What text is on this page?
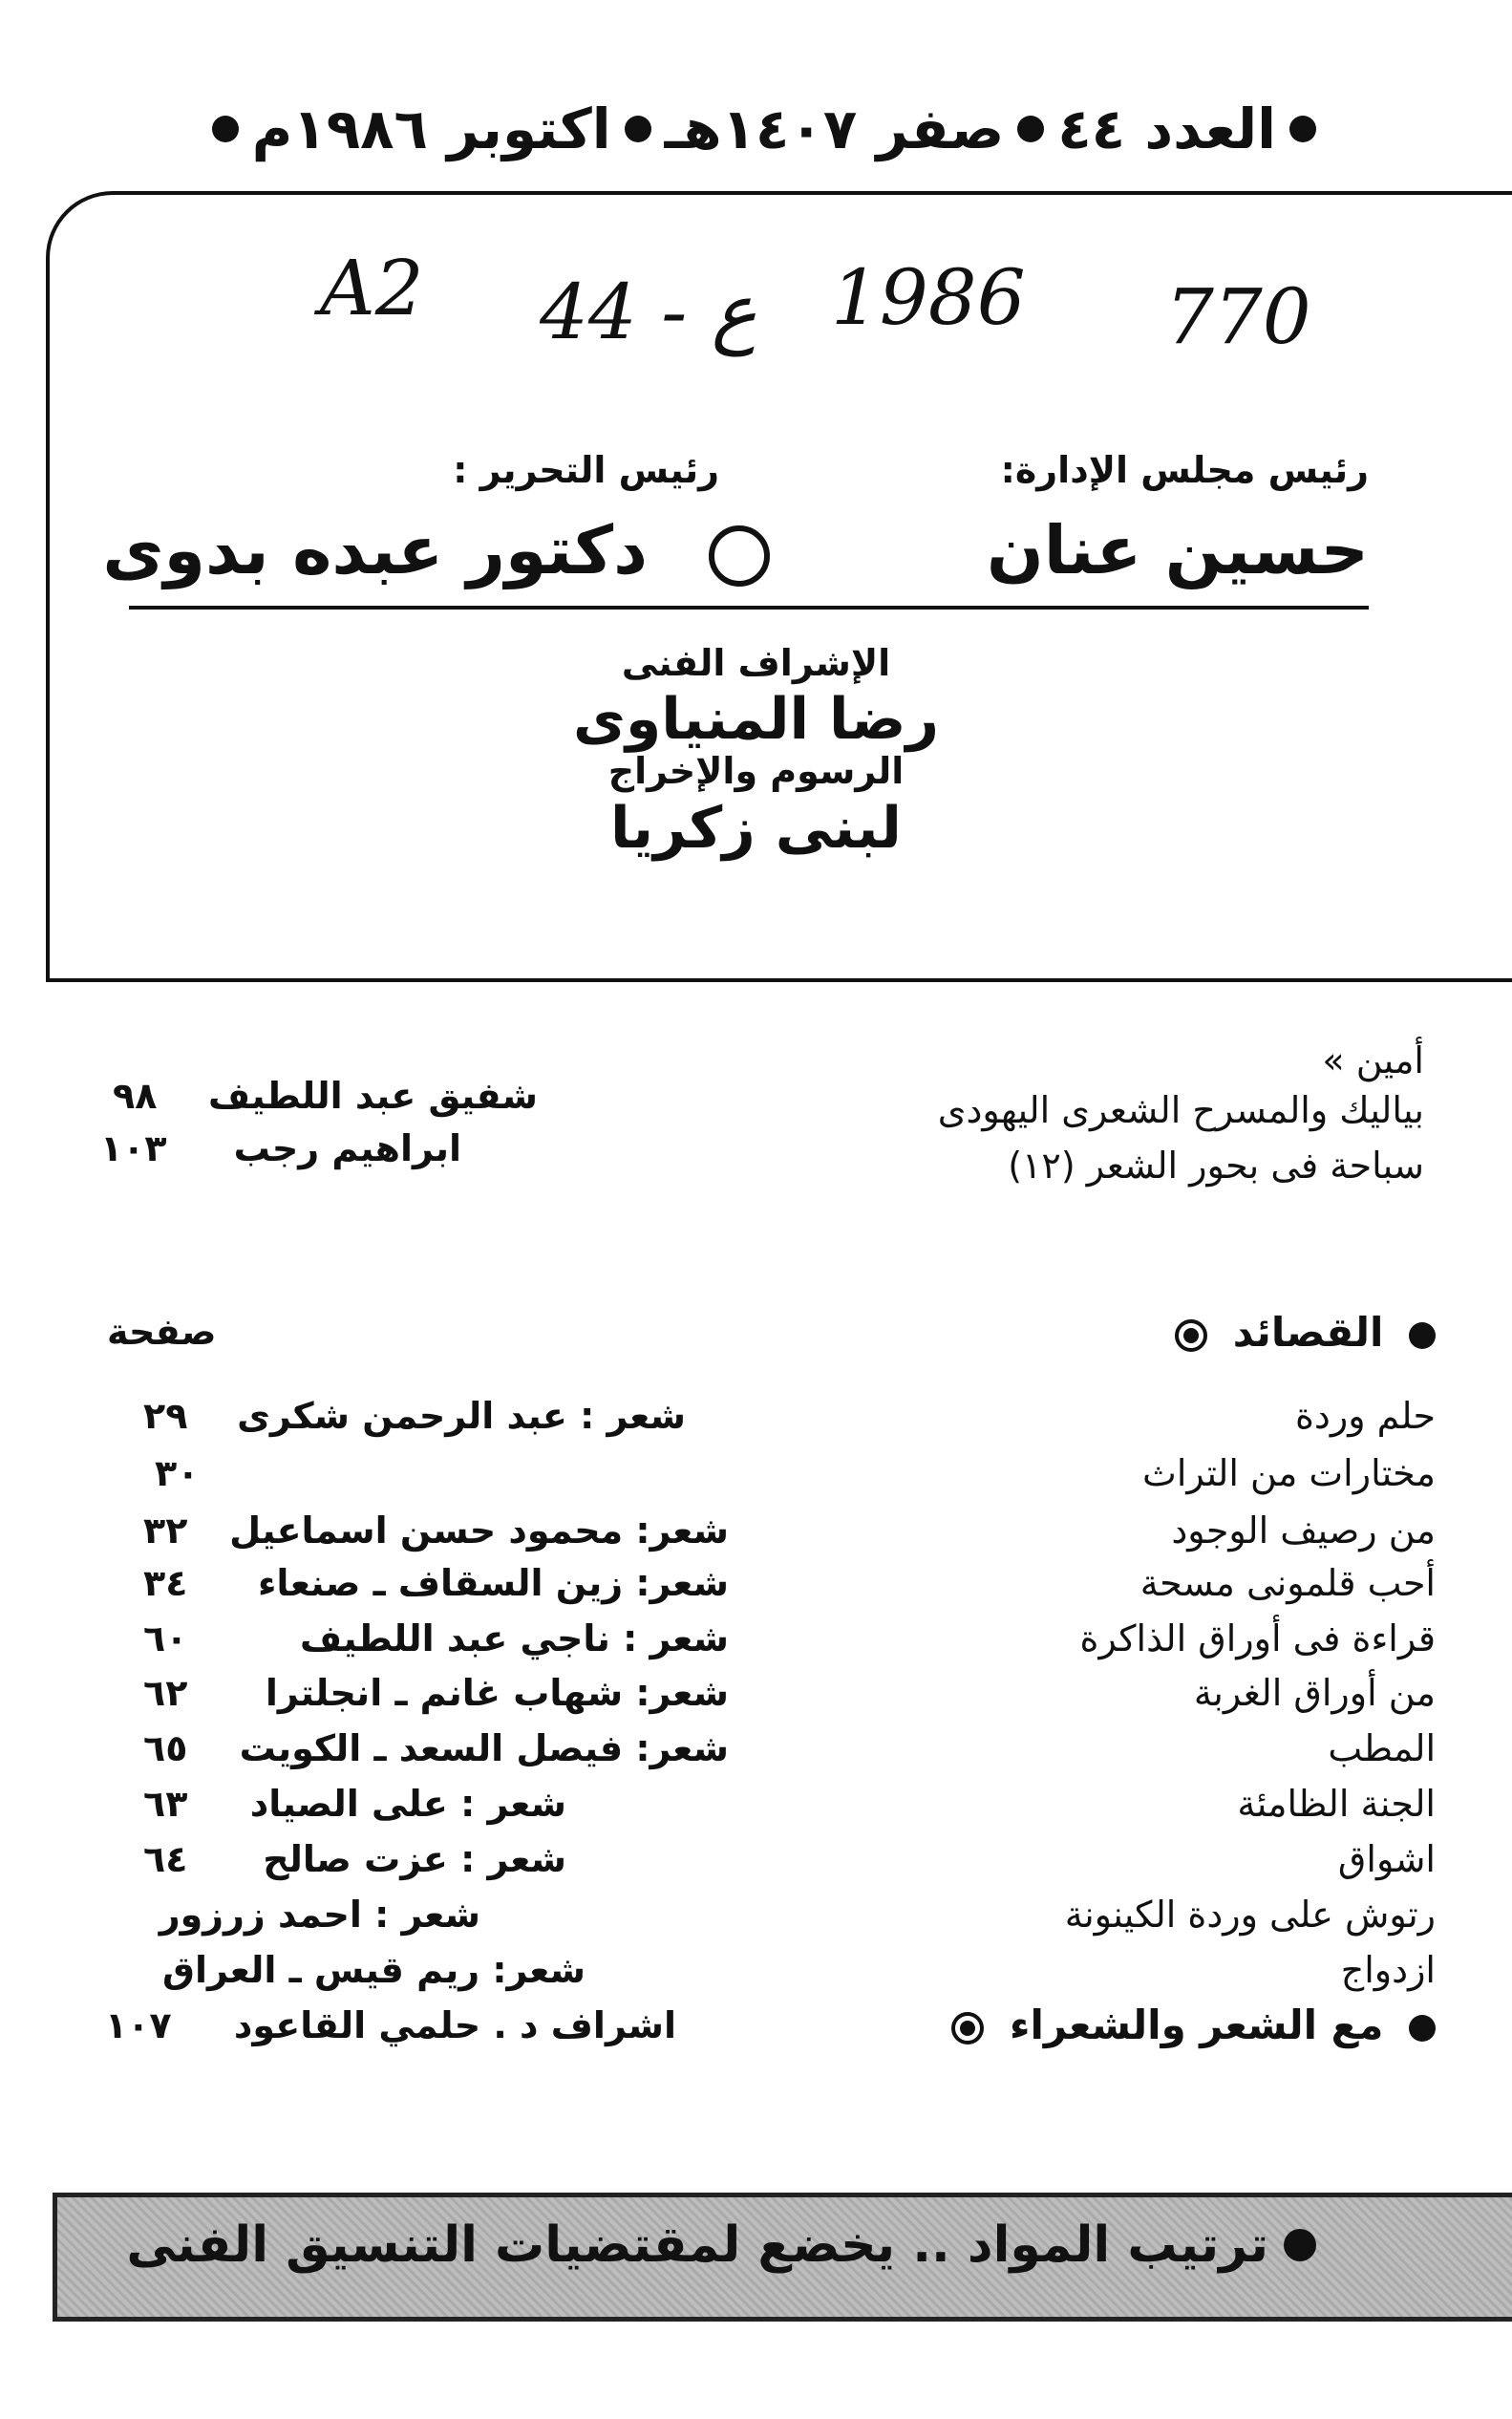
العدد ٤٤
صفر ١٤٠٧هـ
اكتوبر ١٩٨٦م
A2 44 - ع 1986 770
رئيس مجلس الإدارة:
رئيس التحرير :
حسين عنان
دكتور عبده بدوى
الإشراف الفنى
رضا المنياوى
الرسوم والإخراج
لبنى زكريا
أمين »
بياليك والمسرح الشعرى اليهودى
سباحة فى بحور الشعر (١٢)
شفيق عبد اللطيف
٩٨
ابراهيم رجب
١٠٣
القصائد
صفحة
حلم وردة
مختارات من التراث
من رصيف الوجود
أحب قلمونى مسحة
قراءة فى أوراق الذاكرة
من أوراق الغربة
المطب
الجنة الظامئة
اشواق
رتوش على وردة الكينونة
ازدواج
شعر : عبد الرحمن شكرى
شعر: محمود حسن اسماعيل
شعر: زين السقاف ـ صنعاء
شعر : ناجي عبد اللطيف
شعر: شهاب غانم ـ انجلترا
شعر: فيصل السعد ـ الكويت
شعر : على الصياد
شعر : عزت صالح
شعر : احمد زرزور
شعر: ريم قيس ـ العراق
٢٩
٣٠
٣٢
٣٤
٦٠
٦٢
٦٥
٦٣
٦٤
مع الشعر والشعراء
اشراف د . حلمي القاعود
١٠٧
ترتيب المواد .. يخضع لمقتضيات التنسيق الفنى
